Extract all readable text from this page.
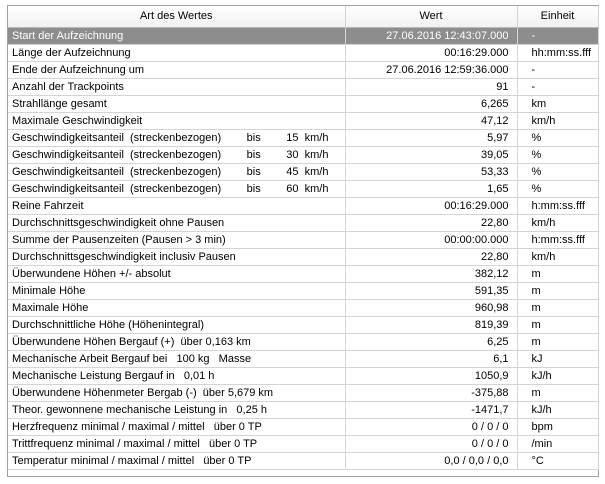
Art des Wertes	Wert	Einheit
Start der Aufzeichnung	27.06.2016 12:43:07.000	-
Länge der Aufzeichnung	00:16:29.000	hh:mm:ss.fff
Ende der Aufzeichnung um	27.06.2016 12:59:36.000	-
Anzahl der Trackpoints	91	-
Strahllänge gesamt	6,265	km
Maximale Geschwindigkeit	47,12	km/h

Geschwindigkeitsanteil  (streckenbezogen) bis 15  km/h	5,97	%

Geschwindigkeitsanteil  (streckenbezogen) bis 30  km/h	39,05	%

Geschwindigkeitsanteil  (streckenbezogen) bis 45  km/h	53,33	%

Geschwindigkeitsanteil  (streckenbezogen) bis 60  km/h	1,65	%
Reine Fahrzeit	00:16:29.000	h:mm:ss.fff
Durchschnittsgeschwindigkeit ohne Pausen	22,80	km/h
Summe der Pausenzeiten (Pausen > 3 min)	00:00:00.000	h:mm:ss.fff
Durchschnittsgeschwindigkeit inclusiv Pausen	22,80	km/h
Überwundene Höhen +/- absolut	382,12	m
Minimale Höhe	591,35	m
Maximale Höhe	960,98	m
Durchschnittliche Höhe (Höhenintegral)	819,39	m
Überwundene Höhen Bergauf (+)  über 0,163 km	6,25	m
Mechanische Arbeit Bergauf bei   100 kg   Masse	6,1	kJ
Mechanische Leistung Bergauf in   0,01 h	1050,9	kJ/h
Überwundene Höhenmeter Bergab (-)  über 5,679 km	-375,88	m
Theor. gewonnene mechanische Leistung in   0,25 h	-1471,7	kJ/h
Herzfrequenz minimal / maximal / mittel   über 0 TP	0 / 0 / 0	bpm
Trittfrequenz minimal / maximal / mittel   über 0 TP	0 / 0 / 0	/min
Temperatur minimal / maximal / mittel   über 0 TP	0,0 / 0,0 / 0,0	°C
